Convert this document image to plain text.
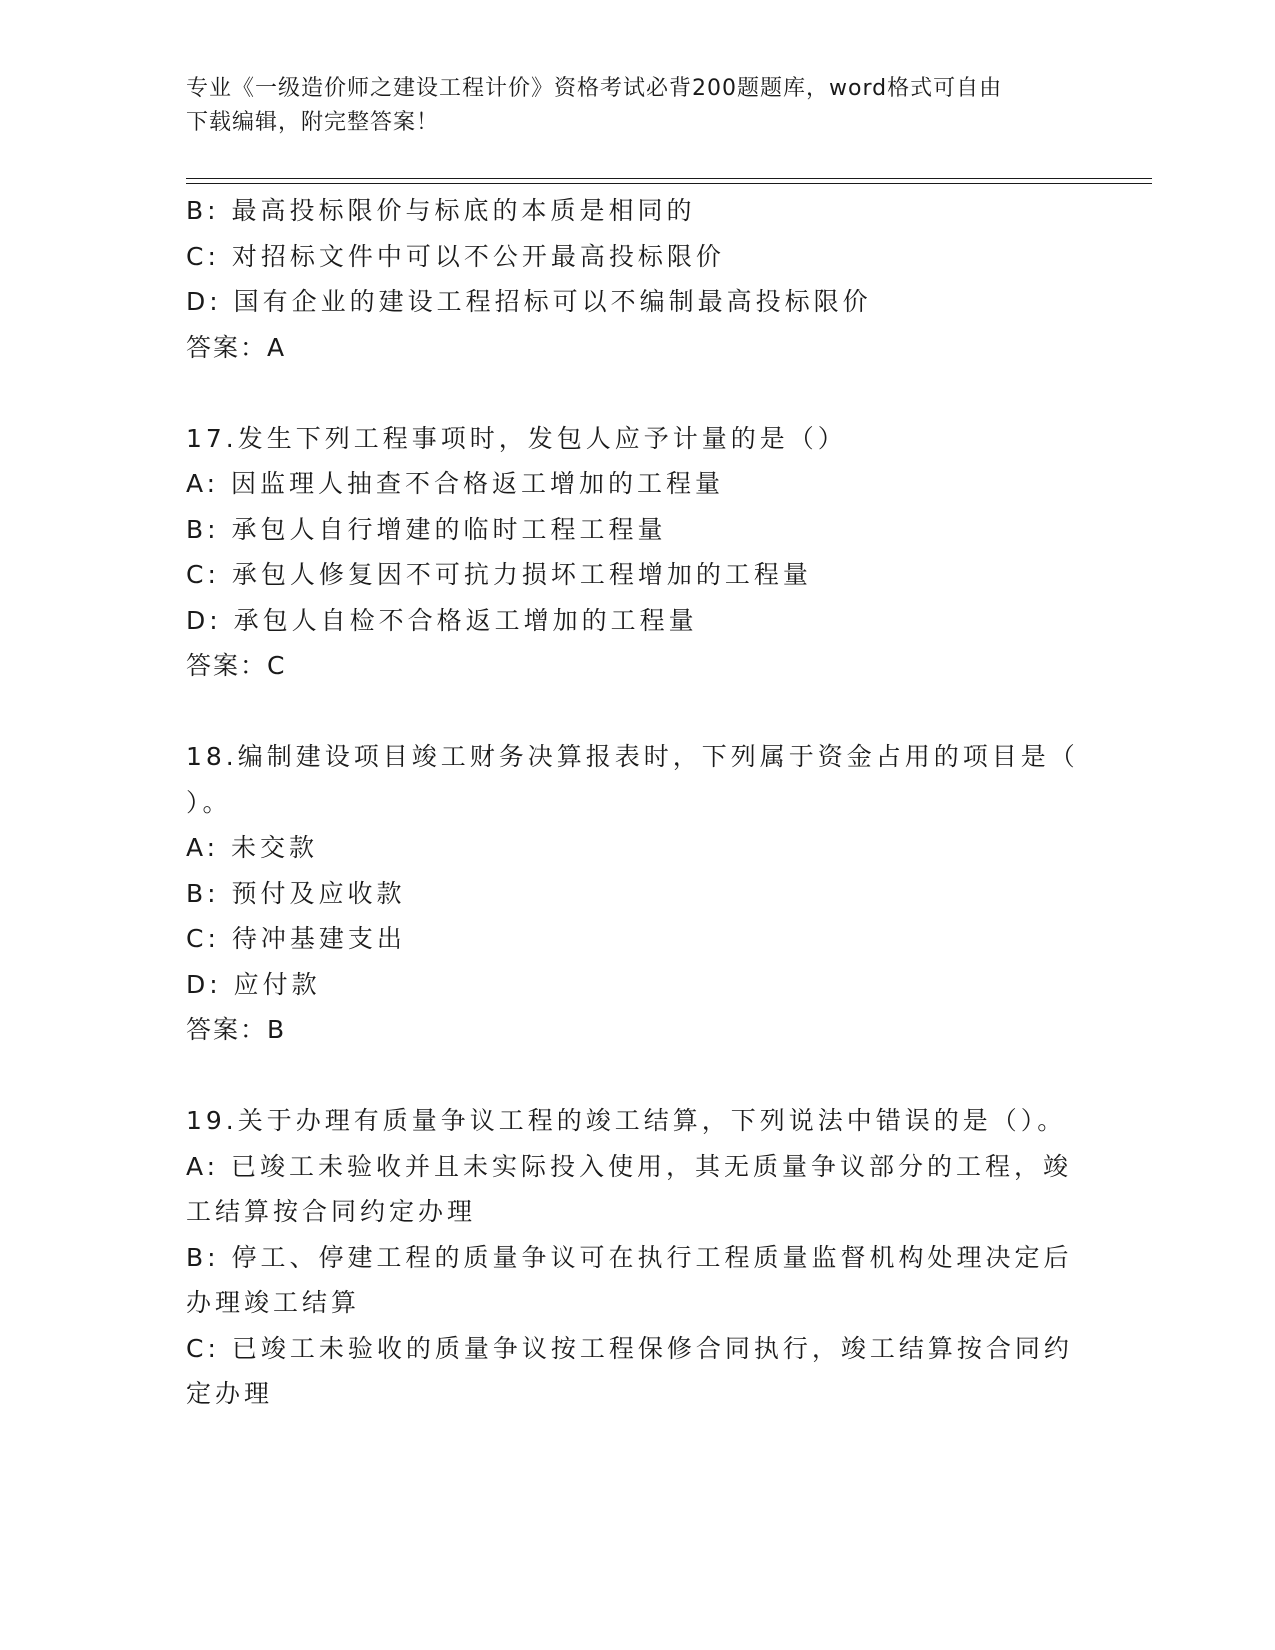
专业《一级造价师之建设工程计价》资格考试必背200题题库，word格式可自由
下载编辑，附完整答案！
B: 最高投标限价与标底的本质是相同的
C: 对招标文件中可以不公开最高投标限价
D: 国有企业的建设工程招标可以不编制最高投标限价
答案：A
17.发生下列工程事项时，发包人应予计量的是（）
A: 因监理人抽查不合格返工增加的工程量
B: 承包人自行增建的临时工程工程量
C: 承包人修复因不可抗力损坏工程增加的工程量
D: 承包人自检不合格返工增加的工程量
答案：C
18.编制建设项目竣工财务决算报表时，下列属于资金占用的项目是（
）。
A: 未交款
B: 预付及应收款
C: 待冲基建支出
D: 应付款
答案：B
19.关于办理有质量争议工程的竣工结算，下列说法中错误的是（）。
A: 已竣工未验收并且未实际投入使用，其无质量争议部分的工程，竣
工结算按合同约定办理
B: 停工、停建工程的质量争议可在执行工程质量监督机构处理决定后
办理竣工结算
C: 已竣工未验收的质量争议按工程保修合同执行，竣工结算按合同约
定办理
